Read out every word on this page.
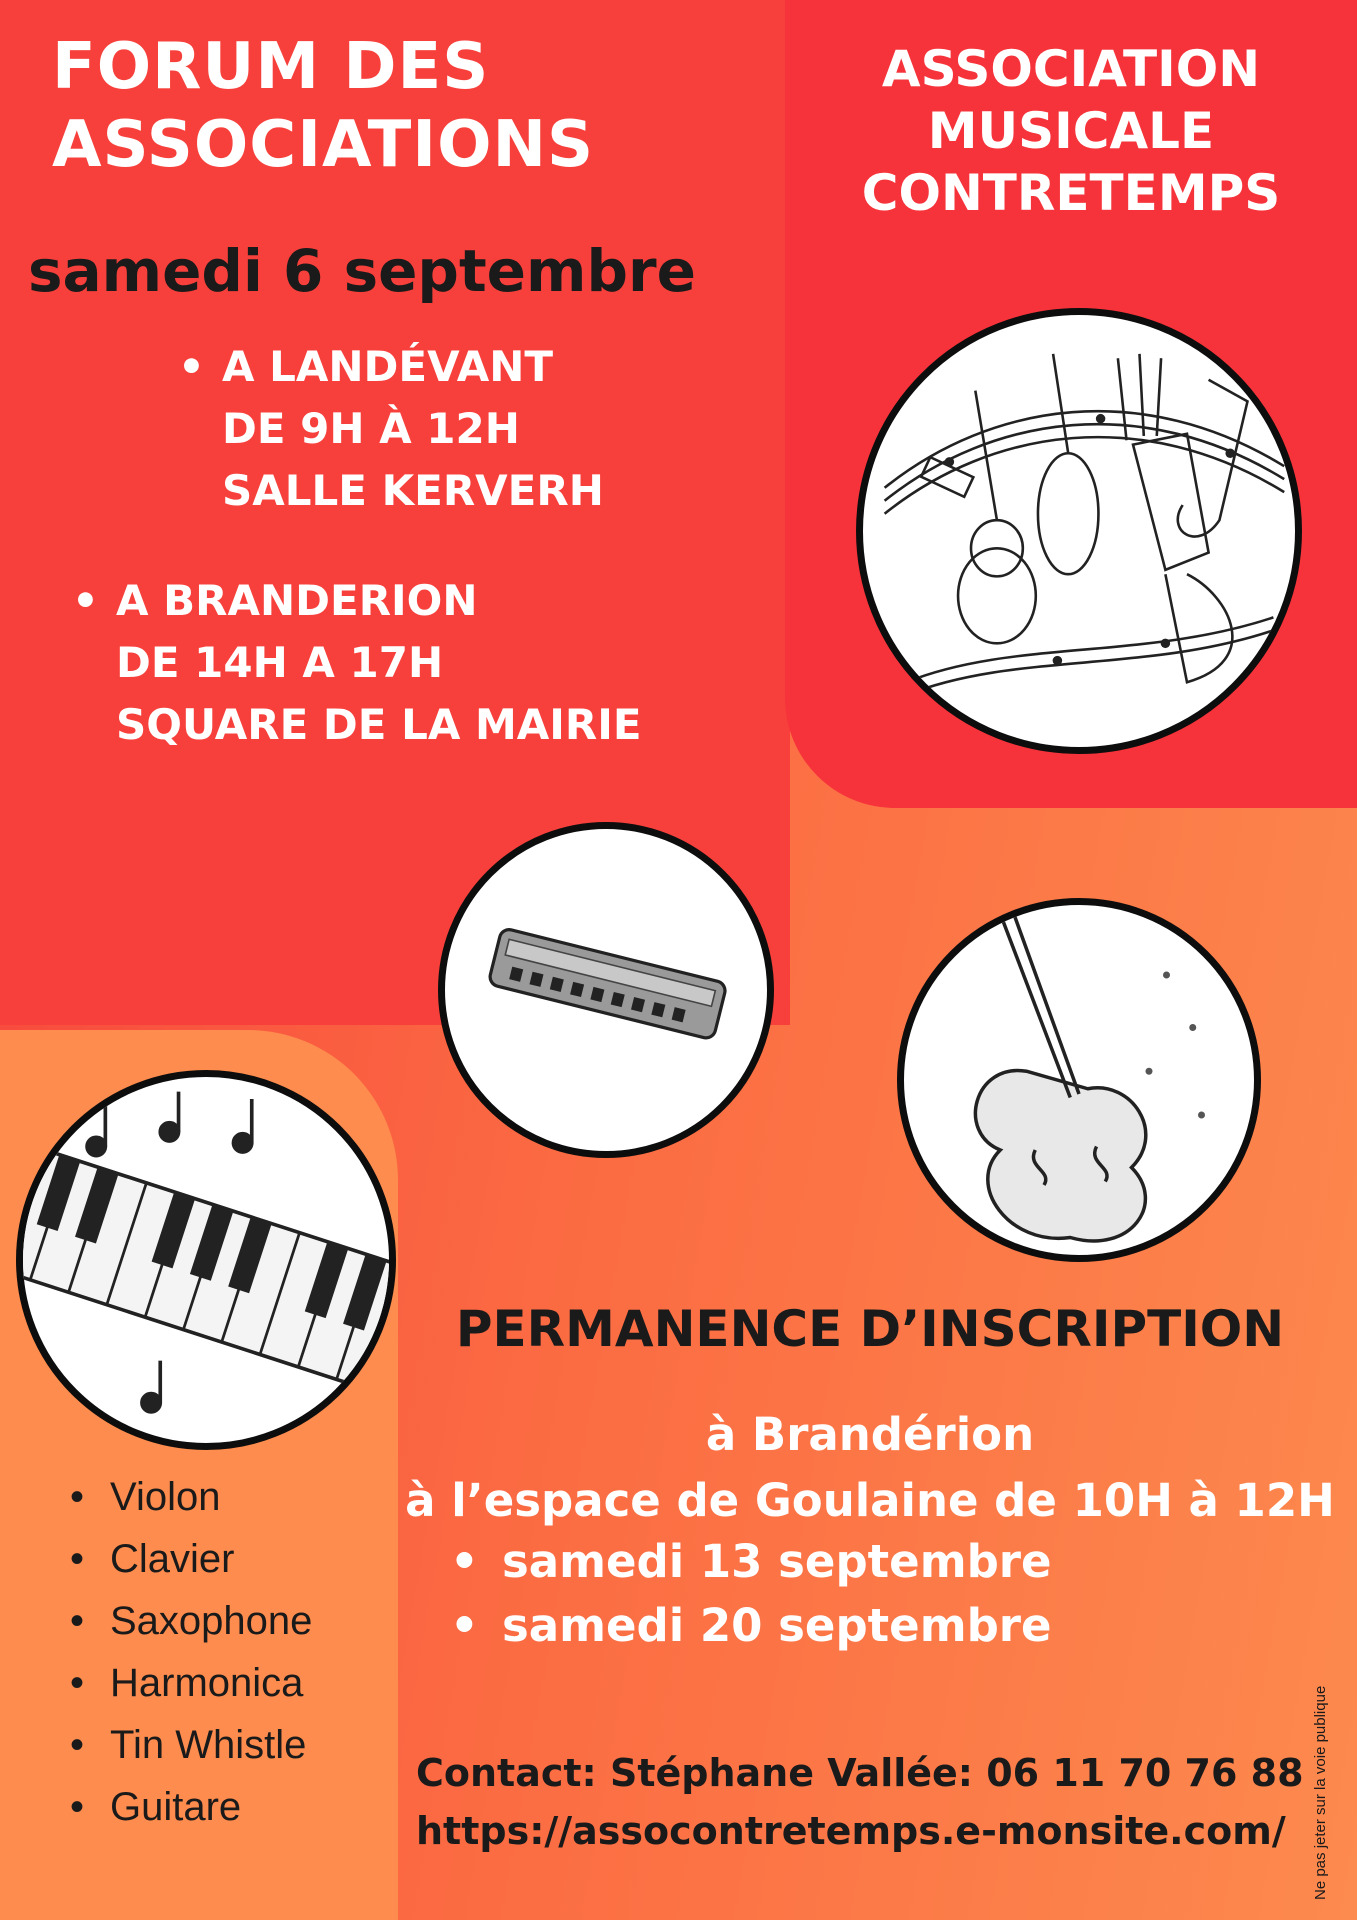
FORUM DES
ASSOCIATIONS
ASSOCIATION
MUSICALE
CONTRETEMPS
samedi 6 septembre
• A LANDÉVANT
DE 9H À 12H
SALLE KERVERH
• A BRANDERION
DE 14H A 17H
SQUARE DE LA MAIRIE
PERMANENCE D’INSCRIPTION
à Brandérion
à l’espace de Goulaine de 10H à 12H
• samedi 13 septembre
• samedi 20 septembre
• Violon
• Clavier
• Saxophone
• Harmonica
• Tin Whistle
• Guitare
Contact: Stéphane Vallée: 06 11 70 76 88
https://assocontretemps.e-monsite.com/ Ne pas jeter sur la voie publique
